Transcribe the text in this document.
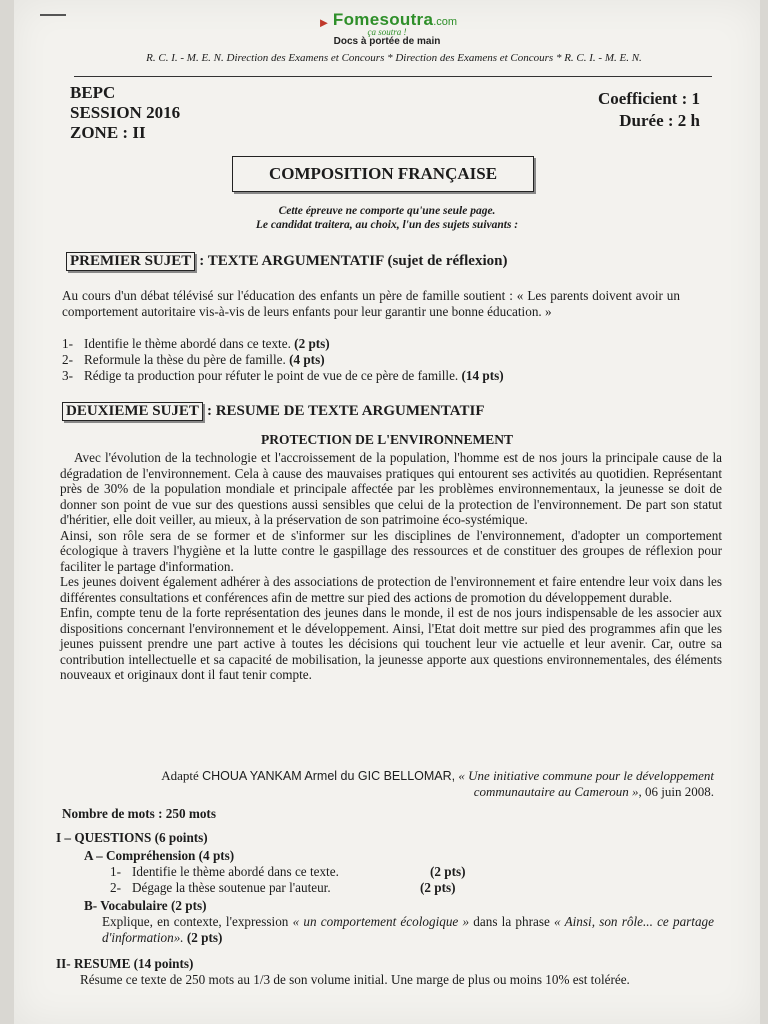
► Fomesoutra.com
ça soutra !
Docs à portée de main
R. C. I. - M. E. N. Direction des Examens et Concours * Direction des Examens et Concours * R. C. I. - M. E. N.
BEPC
SESSION 2016
ZONE : II
Coefficient : 1
Durée : 2 h
COMPOSITION FRANÇAISE
Cette épreuve ne comporte qu'une seule page.
Le candidat traitera, au choix, l'un des sujets suivants :
PREMIER SUJET : TEXTE ARGUMENTATIF (sujet de réflexion)
Au cours d'un débat télévisé sur l'éducation des enfants un père de famille soutient : « Les parents doivent avoir un comportement autoritaire vis-à-vis de leurs enfants pour leur garantir une bonne éducation. »
1- Identifie le thème abordé dans ce texte. (2 pts)
2- Reformule la thèse du père de famille. (4 pts)
3- Rédige ta production pour réfuter le point de vue de ce père de famille. (14 pts)
DEUXIEME SUJET : RESUME DE TEXTE ARGUMENTATIF
PROTECTION DE L'ENVIRONNEMENT
Avec l'évolution de la technologie et l'accroissement de la population, l'homme est de nos jours la principale cause de la dégradation de l'environnement. Cela à cause des mauvaises pratiques qui entourent ses activités au quotidien. Représentant près de 30% de la population mondiale et principale affectée par les problèmes environnementaux, la jeunesse se doit de donner son point de vue sur des questions aussi sensibles que celui de la protection de l'environnement. De part son statut d'héritier, elle doit veiller, au mieux, à la préservation de son patrimoine éco-systémique.
Ainsi, son rôle sera de se former et de s'informer sur les disciplines de l'environnement, d'adopter un comportement écologique à travers l'hygiène et la lutte contre le gaspillage des ressources et de constituer des groupes de réflexion pour faciliter le partage d'information.
Les jeunes doivent également adhérer à des associations de protection de l'environnement et faire entendre leur voix dans les différentes consultations et conférences afin de mettre sur pied des actions de promotion du développement durable.
Enfin, compte tenu de la forte représentation des jeunes dans le monde, il est de nos jours indispensable de les associer aux dispositions concernant l'environnement et le développement. Ainsi, l'Etat doit mettre sur pied des programmes afin que les jeunes puissent prendre une part active à toutes les décisions qui touchent leur vie actuelle et leur avenir. Car, outre sa contribution intellectuelle et sa capacité de mobilisation, la jeunesse apporte aux questions environnementales, des éléments nouveaux et originaux dont il faut tenir compte.
Adapté CHOUA YANKAM Armel du GIC BELLOMAR, « Une initiative commune pour le développement communautaire au Cameroun », 06 juin 2008.
Nombre de mots : 250 mots
I – QUESTIONS (6 points)
A – Compréhension (4 pts)
1- Identifie le thème abordé dans ce texte.	(2 pts)
2- Dégage la thèse soutenue par l'auteur.	(2 pts)
B- Vocabulaire (2 pts)
Explique, en contexte, l'expression « un comportement écologique » dans la phrase « Ainsi, son rôle... ce partage d'information». (2 pts)
II- RESUME (14 points)
Résume ce texte de 250 mots au 1/3 de son volume initial. Une marge de plus ou moins 10% est tolérée.
